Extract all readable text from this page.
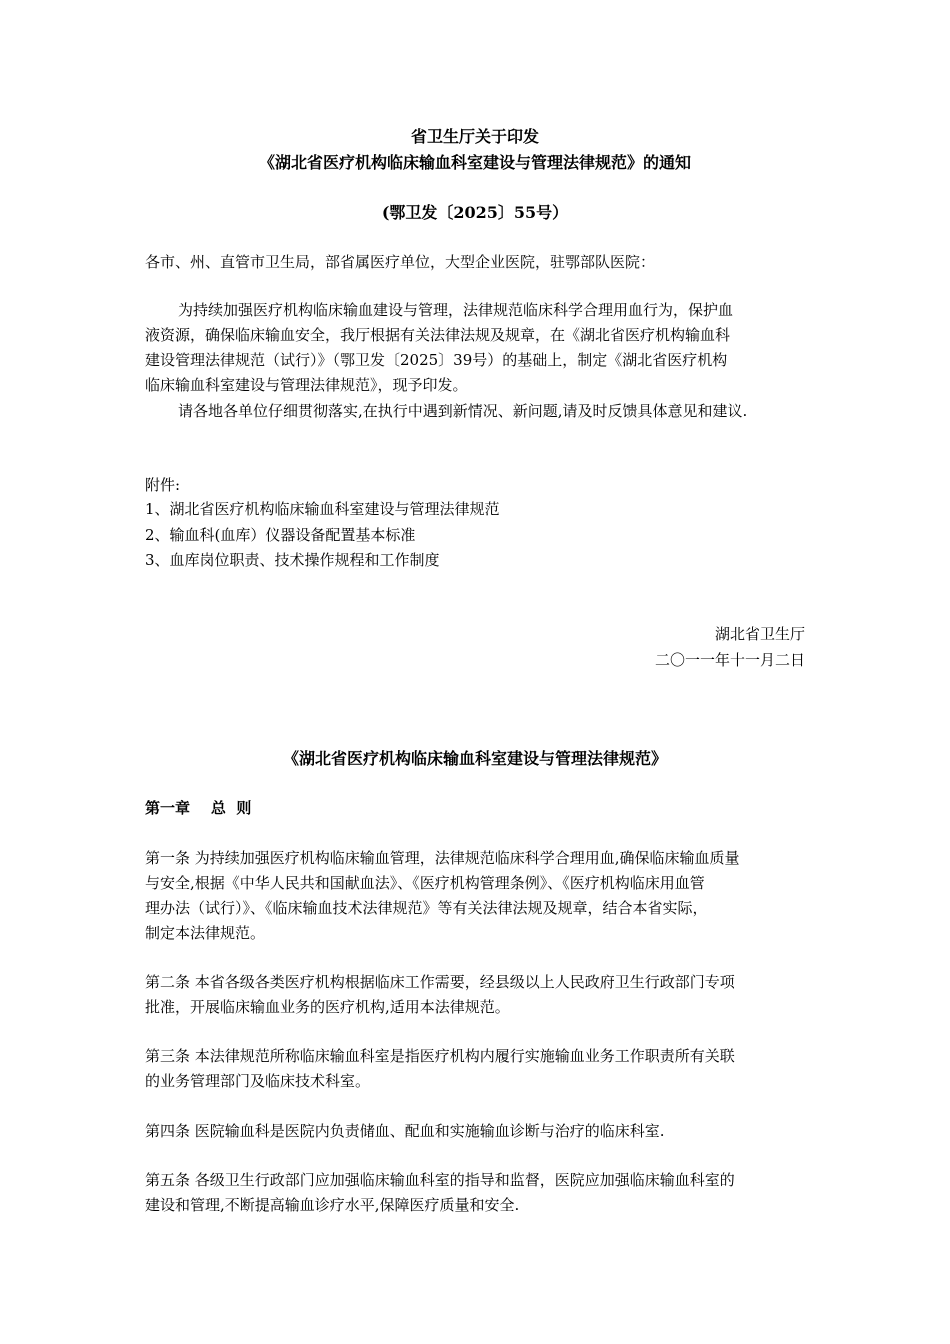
省卫生厅关于印发
《湖北省医疗机构临床输血科室建设与管理法律规范》的通知
(鄂卫发〔2025〕55号）
各市、州、直管市卫生局，部省属医疗单位，大型企业医院，驻鄂部队医院：
为持续加强医疗机构临床输血建设与管理，法律规范临床科学合理用血行为，保护血
液资源，确保临床输血安全，我厅根据有关法律法规及规章，在《湖北省医疗机构输血科
建设管理法律规范（试行）》（鄂卫发〔2025〕39号）的基础上，制定《湖北省医疗机构
临床输血科室建设与管理法律规范》，现予印发。
请各地各单位仔细贯彻落实,在执行中遇到新情况、新问题,请及时反馈具体意见和建议.
附件:
1、湖北省医疗机构临床输血科室建设与管理法律规范
2、输血科(血库）仪器设备配置基本标准
3、血库岗位职责、技术操作规程和工作制度
湖北省卫生厅
二〇一一年十一月二日
《湖北省医疗机构临床输血科室建设与管理法律规范》
第一章    总  则
第一条 为持续加强医疗机构临床输血管理，法律规范临床科学合理用血,确保临床输血质量
与安全,根据《中华人民共和国献血法》、《医疗机构管理条例》、《医疗机构临床用血管
理办法（试行）》、《临床输血技术法律规范》等有关法律法规及规章，结合本省实际，
制定本法律规范。
第二条 本省各级各类医疗机构根据临床工作需要，经县级以上人民政府卫生行政部门专项
批准，开展临床输血业务的医疗机构,适用本法律规范。
第三条 本法律规范所称临床输血科室是指医疗机构内履行实施输血业务工作职责所有关联
的业务管理部门及临床技术科室。
第四条 医院输血科是医院内负责储血、配血和实施输血诊断与治疗的临床科室.
第五条 各级卫生行政部门应加强临床输血科室的指导和监督，医院应加强临床输血科室的
建设和管理,不断提高输血诊疗水平,保障医疗质量和安全.
